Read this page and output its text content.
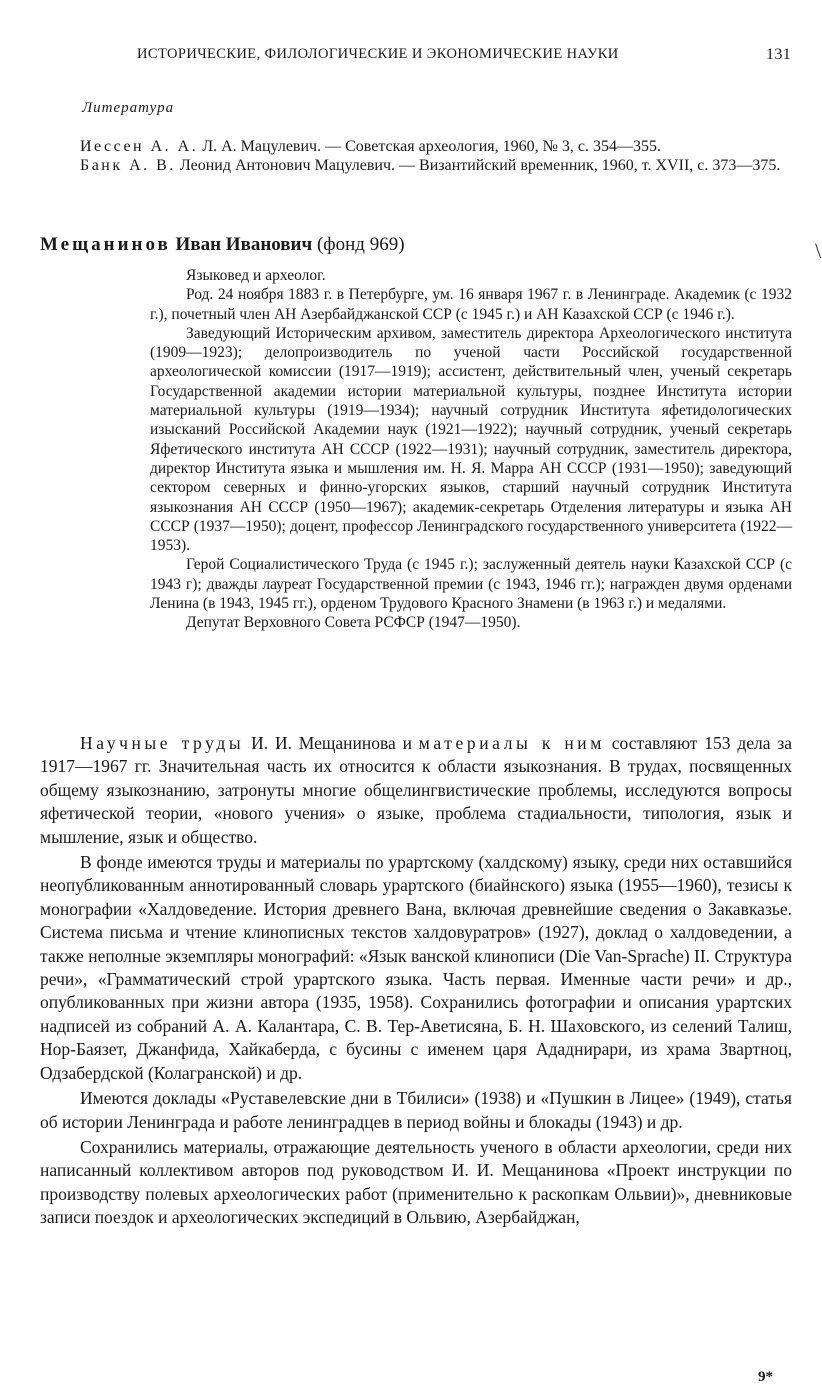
ИСТОРИЧЕСКИЕ, ФИЛОЛОГИЧЕСКИЕ И ЭКОНОМИЧЕСКИЕ НАУКИ	131
Литература
Иессен А. А. Л. А. Мацулевич. — Советская археология, 1960, № 3, с. 354—355.
Банк А. В. Леонид Антонович Мацулевич. — Византийский временник, 1960, т. XVII, с. 373—375.
Мещанинов Иван Иванович (фонд 969)	\

Языковед и археолог.

Род. 24 ноября 1883 г. в Петербурге, ум. 16 января 1967 г. в Ленинграде. Академик (с 1932 г.), почетный член АН Азербайджанской ССР (с 1945 г.) и АН Казахской ССР (с 1946 г.).

Заведующий Историческим архивом, заместитель директора Археологического института (1909—1923); делопроизводитель по ученой части Российской государственной археологической комиссии (1917—1919); ассистент, действительный член, ученый секретарь Государственной академии истории материальной культуры, позднее Института истории материальной культуры (1919—1934); научный сотрудник Института яфетидологических изысканий Российской Академии наук (1921—1922); научный сотрудник, ученый секретарь Яфетического института АН СССР (1922—1931); научный сотрудник, заместитель директора, директор Института языка и мышления им. Н. Я. Марра АН СССР (1931—1950); заведующий сектором северных и финно-угорских языков, старший научный сотрудник Института языкознания АН СССР (1950—1967); академик-секретарь Отделения литературы и языка АН СССР (1937—1950); доцент, профессор Ленинградского государственного университета (1922—1953).

Герой Социалистического Труда (с 1945 г.); заслуженный деятель науки Казахской ССР (с 1943 г); дважды лауреат Государственной премии (с 1943, 1946 гг.); награжден двумя орденами Ленина (в 1943, 1945 гг.), орденом Трудового Красного Знамени (в 1963 г.) и медалями.

Депутат Верховного Совета РСФСР (1947—1950).

Научные труды И. И. Мещанинова и материалы к ним составляют 153 дела за 1917—1967 гг. Значительная часть их относится к области языкознания. В трудах, посвященных общему языкознанию, затронуты многие общелингвистические проблемы, исследуются вопросы яфетической теории, «нового учения» о языке, проблема стадиальности, типология, язык и мышление, язык и общество.

В фонде имеются труды и материалы по урартскому (халдскому) языку, среди них оставшийся неопубликованным аннотированный словарь урартского (биайнского) языка (1955—1960), тезисы к монографии «Халдоведение. История древнего Вана, включая древнейшие сведения о Закавказье. Система письма и чтение клинописных текстов халдовуратров» (1927), доклад о халдоведении, а также неполные экземпляры монографий: «Язык ванской клинописи (Die Van-Sprache) II. Структура речи», «Грамматический строй урартского языка. Часть первая. Именные части речи» и др., опубликованных при жизни автора (1935, 1958). Сохранились фотографии и описания урартских надписей из собраний А. А. Калантара, С. В. Тер-Аветисяна, Б. Н. Шаховского, из селений Талиш, Нор-Баязет, Джанфида, Хайкаберда, с бусины с именем царя Ададнирари, из храма Звартноц, Одзабердской (Колагранской) и др.

Имеются доклады «Руставелевские дни в Тбилиси» (1938) и «Пушкин в Лицее» (1949), статья об истории Ленинграда и работе ленинградцев в период войны и блокады (1943) и др.

Сохранились материалы, отражающие деятельность ученого в области археологии, среди них написанный коллективом авторов под руководством И. И. Мещанинова «Проект инструкции по производству полевых археологических работ (применительно к раскопкам Ольвии)», дневниковые записи поездок и археологических экспедиций в Ольвию, Азербайджан,

9*
